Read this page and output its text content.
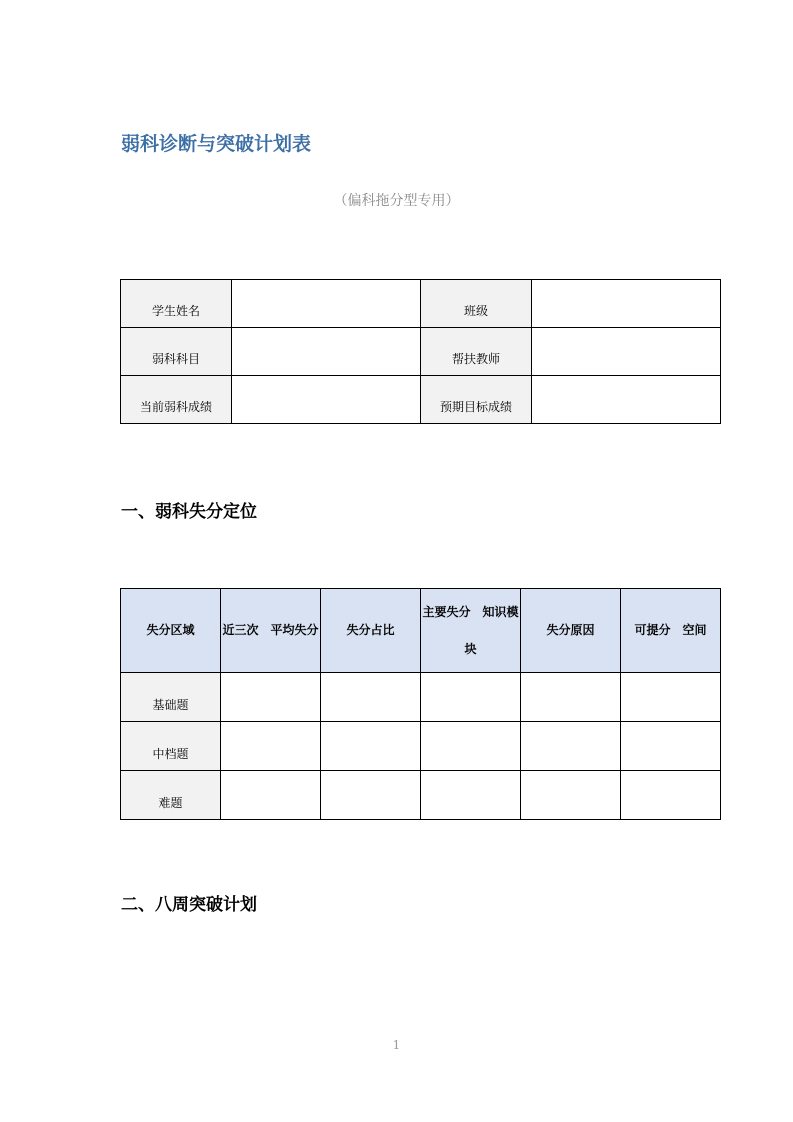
弱科诊断与突破计划表
（偏科拖分型专用）
学生姓名		班级	
弱科科目		帮扶教师	
当前弱科成绩		预期目标成绩	
一、弱科失分定位
失分区域	近三次　平均失分	失分占比	主要失分　知识模块	失分原因	可提分　空间
基础题					
中档题					
难题					
二、八周突破计划
1
